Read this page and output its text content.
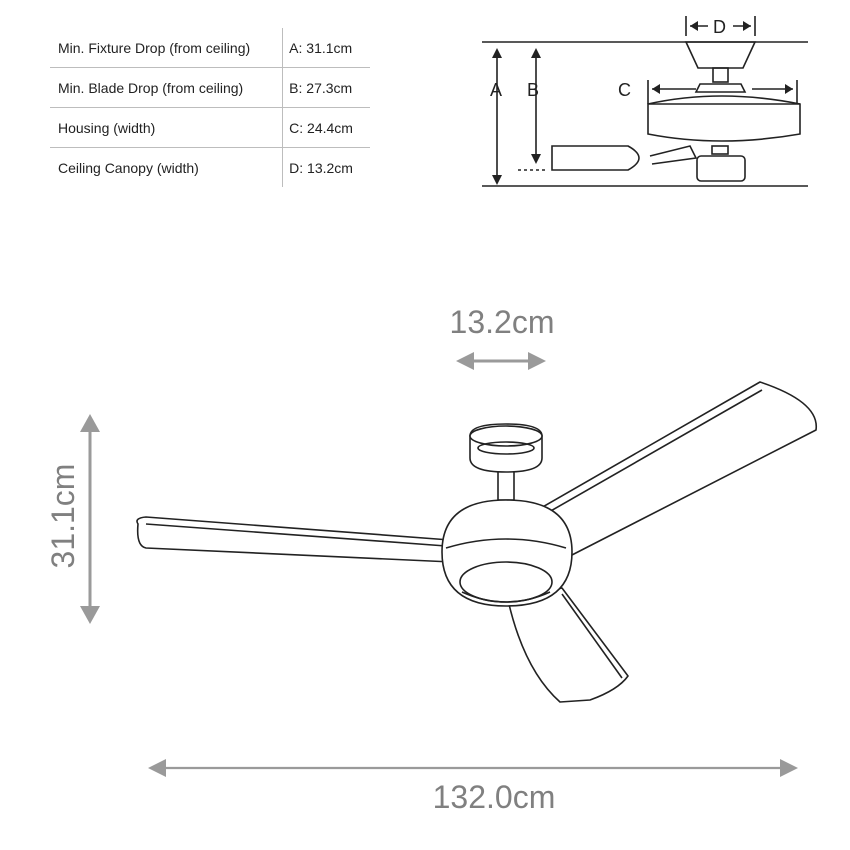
Min. Fixture Drop (from ceiling)	A: 31.1cm
Min. Blade Drop (from ceiling)	B: 27.3cm
Housing (width)	C: 24.4cm
Ceiling Canopy (width)	D: 13.2cm
D
C
A B
13.2cm
31.1cm
132.0cm
